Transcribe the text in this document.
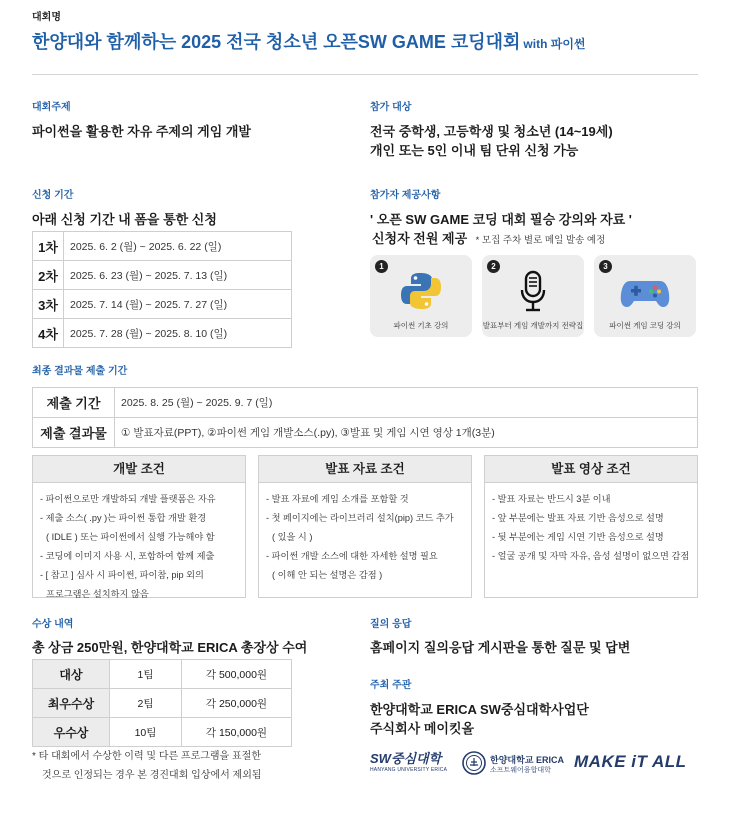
대회명
한양대와 함께하는 2025 전국 청소년 오픈SW GAME 코딩대회 with 파이썬
대회주제
파이썬을 활용한 자유 주제의 게임 개발
참가 대상
전국 중학생, 고등학생 및 청소년 (14~19세)
개인 또는 5인 이내 팀 단위 신청 가능
신청 기간
아래 신청 기간 내 폼을 통한 신청
1차	2025. 6. 2 (월) ~ 2025. 6. 22 (일)
2차	2025. 6. 23 (월) ~ 2025. 7. 13 (일)
3차	2025. 7. 14 (월) ~ 2025. 7. 27 (일)
4차	2025. 7. 28 (월) ~ 2025. 8. 10 (일)
참가자 제공사항
' 오픈 SW GAME 코딩 대회 필승 강의와 자료 '
신청자 전원 제공 * 모집 주차 별로 메일 발송 예정
1
파이썬 기초 강의
2
발표부터 게임 개발까지 전략집
3
파이썬 게임 코딩 강의
최종 결과물 제출 기간
제출 기간	2025. 8. 25 (월) ~ 2025. 9. 7 (일)
제출 결과물	① 발표자료(PPT), ②파이썬 게임 개발소스(.py), ③발표 및 게임 시연 영상 1개(3분)
개발 조건
- 파이썬으로만 개발하되 개발 플랫폼은 자유
- 제출 소스( .py )는 파이썬 통합 개발 환경
( IDLE ) 또는 파이썬에서 실행 가능해야 함
- 코딩에 이미지 사용 시, 포함하여 함께 제출
- [ 참고 ] 심사 시 파이썬, 파이참, pip 외의
프로그램은 설치하지 않음
발표 자료 조건
- 발표 자료에 게임 소개를 포함할 것
- 첫 페이지에는 라이브러리 설치(pip) 코드 추가
( 있을 시 )
- 파이썬 개발 소스에 대한 자세한 설명 필요
( 이해 안 되는 설명은 감점 )
발표 영상 조건
- 발표 자료는 반드시 3분 이내
- 앞 부분에는 발표 자료 기반 음성으로 설명
- 뒷 부분에는 게임 시연 기반 음성으로 설명
- 얼굴 공개 및 자막 자유, 음성 설명이 없으면 감점
수상 내역
총 상금 250만원, 한양대학교 ERICA 총장상 수여
대상	1팀	각 500,000원
최우수상	2팀	각 250,000원
우수상	10팀	각 150,000원
* 타 대회에서 수상한 이력 및 다른 프로그램을 표절한
것으로 인정되는 경우 본 경진대회 입상에서 제외됨
질의 응답
홈페이지 질의응답 게시판을 통한 질문 및 답변
주최 주관
한양대학교 ERICA SW중심대학사업단
주식회사 메이킷올
SW중심대학
HANYANG UNIVERSITY ERICA
한양대학교 ERICA
소프트웨어융합대학 MAKE iT ALL
